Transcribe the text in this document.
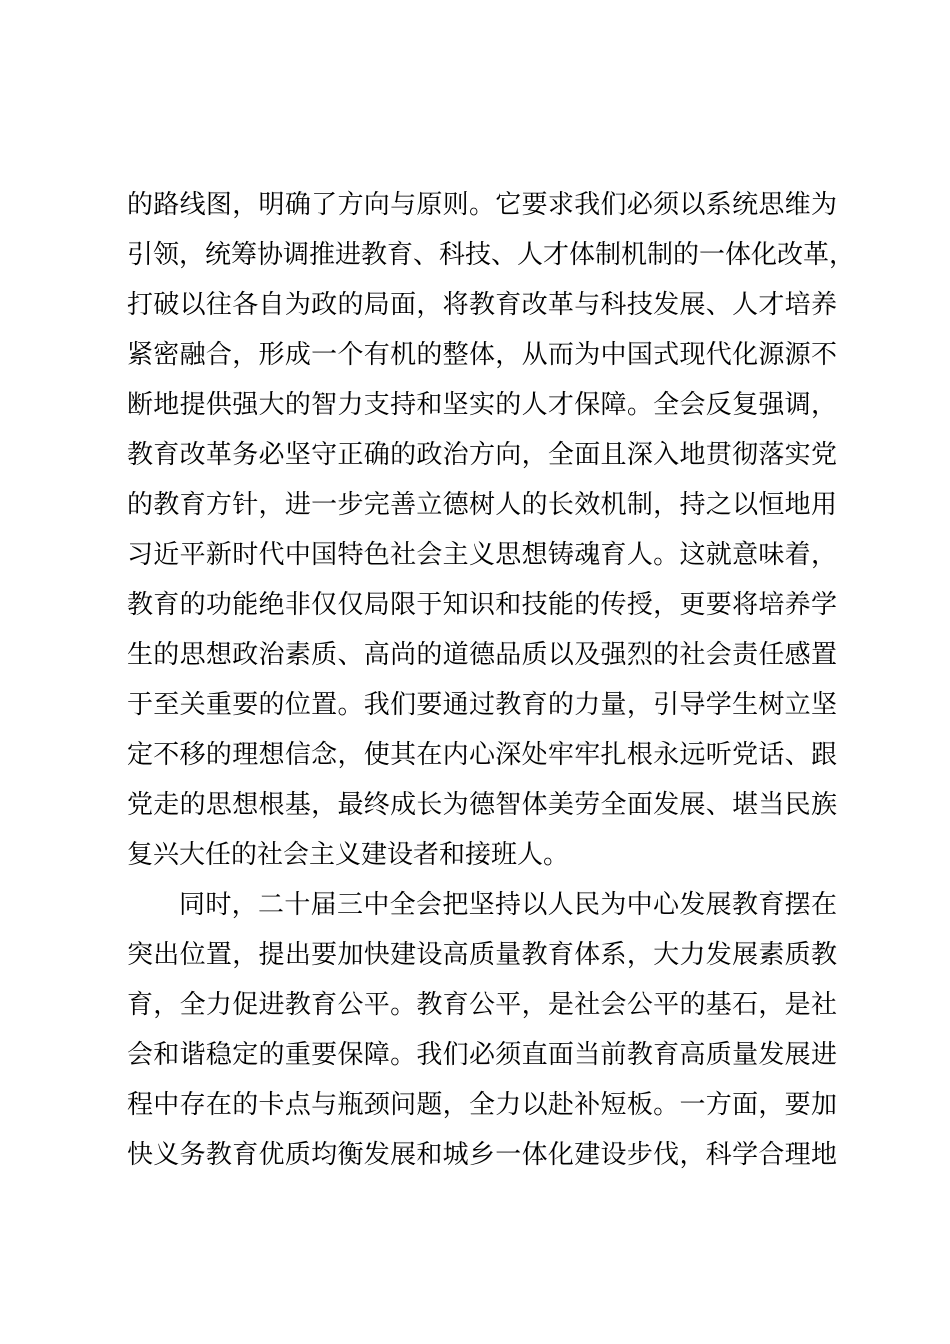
的路线图，明确了方向与原则。它要求我们必须以系统思维为
引领，统筹协调推进教育、科技、人才体制机制的一体化改革，
打破以往各自为政的局面，将教育改革与科技发展、人才培养
紧密融合，形成一个有机的整体，从而为中国式现代化源源不
断地提供强大的智力支持和坚实的人才保障。全会反复强调，
教育改革务必坚守正确的政治方向，全面且深入地贯彻落实党
的教育方针，进一步完善立德树人的长效机制，持之以恒地用
习近平新时代中国特色社会主义思想铸魂育人。这就意味着，
教育的功能绝非仅仅局限于知识和技能的传授，更要将培养学
生的思想政治素质、高尚的道德品质以及强烈的社会责任感置
于至关重要的位置。我们要通过教育的力量，引导学生树立坚
定不移的理想信念，使其在内心深处牢牢扎根永远听党话、跟
党走的思想根基，最终成长为德智体美劳全面发展、堪当民族
复兴大任的社会主义建设者和接班人。
同时，二十届三中全会把坚持以人民为中心发展教育摆在
突出位置，提出要加快建设高质量教育体系，大力发展素质教
育，全力促进教育公平。教育公平，是社会公平的基石，是社
会和谐稳定的重要保障。我们必须直面当前教育高质量发展进
程中存在的卡点与瓶颈问题，全力以赴补短板。一方面，要加
快义务教育优质均衡发展和城乡一体化建设步伐，科学合理地
